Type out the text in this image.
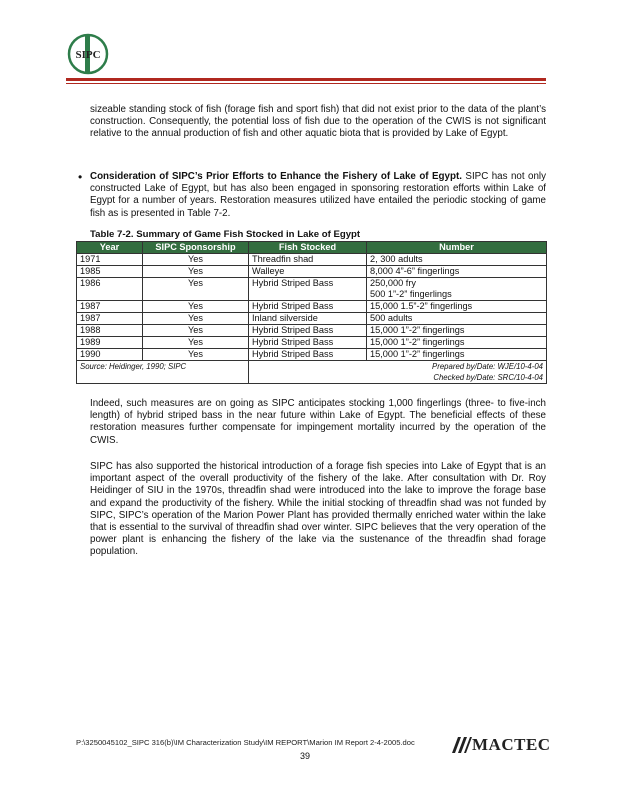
SIPC

sizeable standing stock of fish (forage fish and sport fish) that did not exist prior to the data of the plant’s construction. Consequently, the potential loss of fish due to the operation of the CWIS is not significant relative to the annual production of fish and other aquatic biota that is provided by Lake of Egypt.

• Consideration of SIPC’s Prior Efforts to Enhance the Fishery of Lake of Egypt. SIPC has not only constructed Lake of Egypt, but has also been engaged in sponsoring restoration efforts within Lake of Egypt for a number of years. Restoration measures utilized have entailed the periodic stocking of game fish as is presented in Table 7-2.

Table 7-2. Summary of Game Fish Stocked in Lake of Egypt
Year	SIPC Sponsorship	Fish Stocked	Number
1971	Yes	Threadfin shad	2, 300 adults
1985	Yes	Walleye	8,000 4”-6” fingerlings
1986	Yes	Hybrid Striped Bass	250,000 fry
500 1”-2” fingerlings

1987	Yes	Hybrid Striped Bass	15,000 1.5”-2” fingerlings
1987	Yes	Inland silverside	500 adults
1988	Yes	Hybrid Striped Bass	15,000 1”-2” fingerlings
1989	Yes	Hybrid Striped Bass	15,000 1”-2” fingerlings
1990	Yes	Hybrid Striped Bass	15,000 1”-2” fingerlings
Source: Heidinger, 1990; SIPC		Prepared by/Date: WJE/10-4-04
Checked by/Date: SRC/10-4-04	

Indeed, such measures are on going as SIPC anticipates stocking 1,000 fingerlings (three- to five-inch length) of hybrid striped bass in the near future within Lake of Egypt. The beneficial effects of these restoration measures further compensate for impingement mortality incurred by the operation of the CWIS.

SIPC has also supported the historical introduction of a forage fish species into Lake of Egypt that is an important aspect of the overall productivity of the fishery of the lake. After consultation with Dr. Roy Heidinger of SIU in the 1970s, threadfin shad were introduced into the lake to improve the forage base and expand the productivity of the fishery. While the initial stocking of threadfin shad was not funded by SIPC, SIPC’s operation of the Marion Power Plant has provided thermally enriched water within the lake that is essential to the survival of threadfin shad over winter. SIPC believes that the very operation of the power plant is enhancing the fishery of the lake via the sustenance of the threadfin shad forage population.

P:\3250045102_SIPC 316(b)\IM Characterization Study\IM REPORT\Marion IM Report 2-4-2005.doc
39
MACTEC
